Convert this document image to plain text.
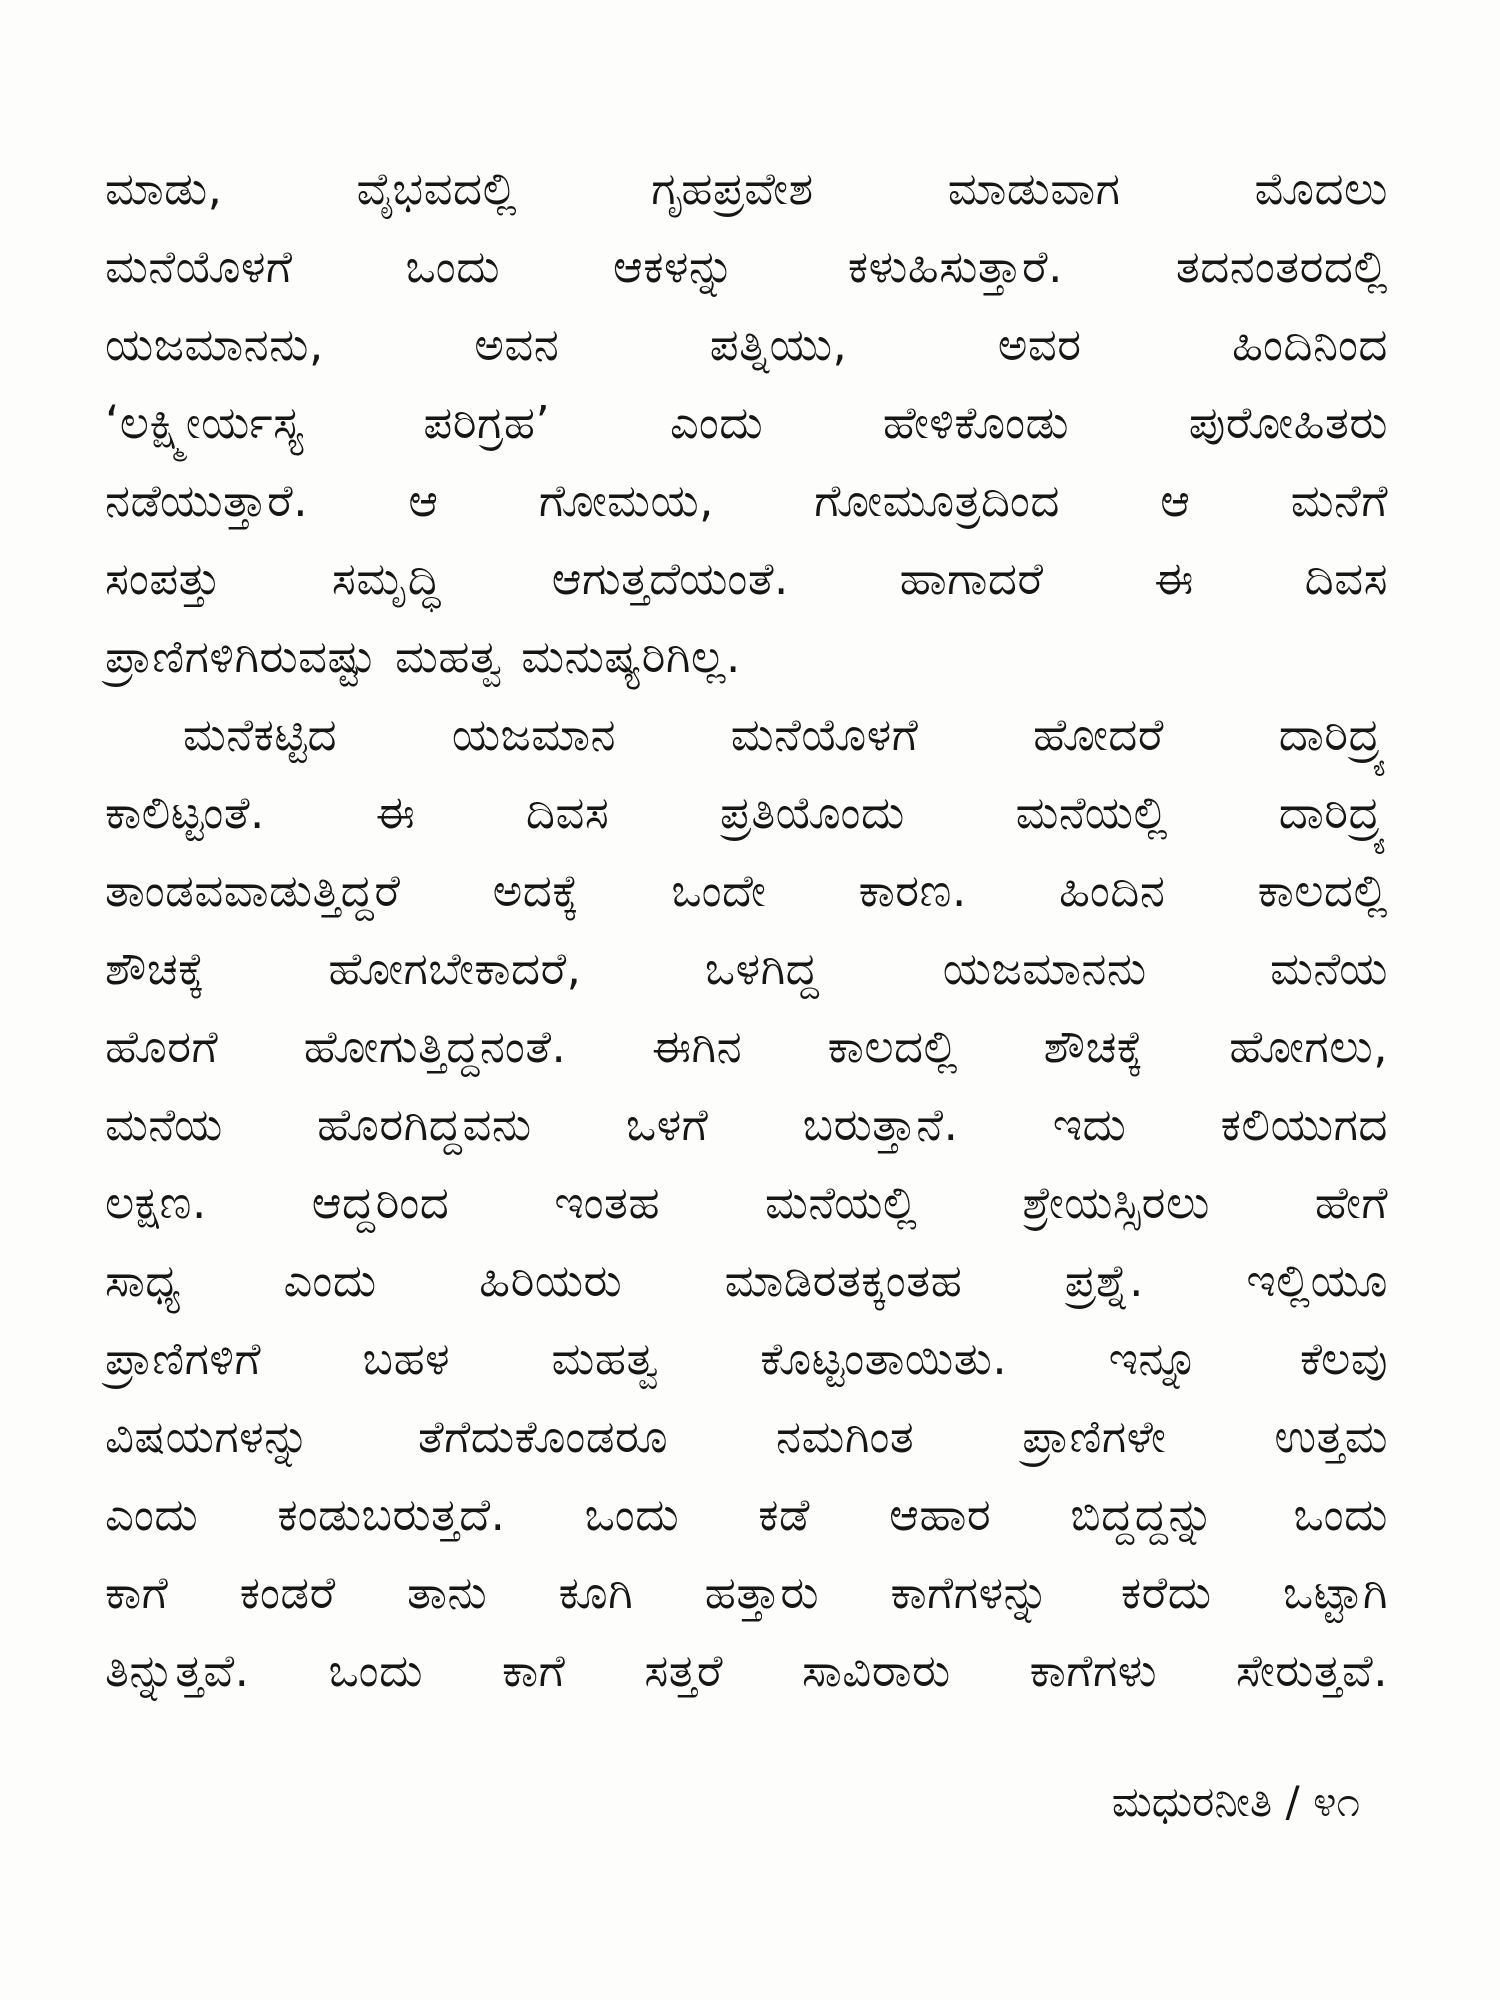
ಮಾಡು, ವೈಭವದಲ್ಲಿ ಗೃಹಪ್ರವೇಶ ಮಾಡುವಾಗ ಮೊದಲು
ಮನೆಯೊಳಗೆ ಒಂದು ಆಕಳನ್ನು ಕಳುಹಿಸುತ್ತಾರೆ. ತದನಂತರದಲ್ಲಿ
ಯಜಮಾನನು, ಅವನ ಪತ್ನಿಯು, ಅವರ ಹಿಂದಿನಿಂದ
‘ಲಕ್ಷ್ಮೀರ್ಯಸ್ಯ ಪರಿಗ್ರಹ’ ಎಂದು ಹೇಳಿಕೊಂಡು ಪುರೋಹಿತರು
ನಡೆಯುತ್ತಾರೆ. ಆ ಗೋಮಯ, ಗೋಮೂತ್ರದಿಂದ ಆ ಮನೆಗೆ
ಸಂಪತ್ತು ಸಮೃದ್ಧಿ ಆಗುತ್ತದೆಯಂತೆ. ಹಾಗಾದರೆ ಈ ದಿವಸ
ಪ್ರಾಣಿಗಳಿಗಿರುವಷ್ಟು ಮಹತ್ವ ಮನುಷ್ಯರಿಗಿಲ್ಲ.
ಮನೆಕಟ್ಟಿದ ಯಜಮಾನ ಮನೆಯೊಳಗೆ ಹೋದರೆ ದಾರಿದ್ರ್ಯ
ಕಾಲಿಟ್ಟಂತೆ. ಈ ದಿವಸ ಪ್ರತಿಯೊಂದು ಮನೆಯಲ್ಲಿ ದಾರಿದ್ರ್ಯ
ತಾಂಡವವಾಡುತ್ತಿದ್ದರೆ ಅದಕ್ಕೆ ಒಂದೇ ಕಾರಣ. ಹಿಂದಿನ ಕಾಲದಲ್ಲಿ
ಶೌಚಕ್ಕೆ ಹೋಗಬೇಕಾದರೆ, ಒಳಗಿದ್ದ ಯಜಮಾನನು ಮನೆಯ
ಹೊರಗೆ ಹೋಗುತ್ತಿದ್ದನಂತೆ. ಈಗಿನ ಕಾಲದಲ್ಲಿ ಶೌಚಕ್ಕೆ ಹೋಗಲು,
ಮನೆಯ ಹೊರಗಿದ್ದವನು ಒಳಗೆ ಬರುತ್ತಾನೆ. ಇದು ಕಲಿಯುಗದ
ಲಕ್ಷಣ. ಆದ್ದರಿಂದ ಇಂತಹ ಮನೆಯಲ್ಲಿ ಶ್ರೇಯಸ್ಸಿರಲು ಹೇಗೆ
ಸಾಧ್ಯ ಎಂದು ಹಿರಿಯರು ಮಾಡಿರತಕ್ಕಂತಹ ಪ್ರಶ್ನೆ. ಇಲ್ಲಿಯೂ
ಪ್ರಾಣಿಗಳಿಗೆ ಬಹಳ ಮಹತ್ವ ಕೊಟ್ಟಂತಾಯಿತು. ಇನ್ನೂ ಕೆಲವು
ವಿಷಯಗಳನ್ನು ತೆಗೆದುಕೊಂಡರೂ ನಮಗಿಂತ ಪ್ರಾಣಿಗಳೇ ಉತ್ತಮ
ಎಂದು ಕಂಡುಬರುತ್ತದೆ. ಒಂದು ಕಡೆ ಆಹಾರ ಬಿದ್ದದ್ದನ್ನು ಒಂದು
ಕಾಗೆ ಕಂಡರೆ ತಾನು ಕೂಗಿ ಹತ್ತಾರು ಕಾಗೆಗಳನ್ನು ಕರೆದು ಒಟ್ಟಾಗಿ
ತಿನ್ನುತ್ತವೆ. ಒಂದು ಕಾಗೆ ಸತ್ತರೆ ಸಾವಿರಾರು ಕಾಗೆಗಳು ಸೇರುತ್ತವೆ.
ಮಧುರನೀತಿ / ೪೧
